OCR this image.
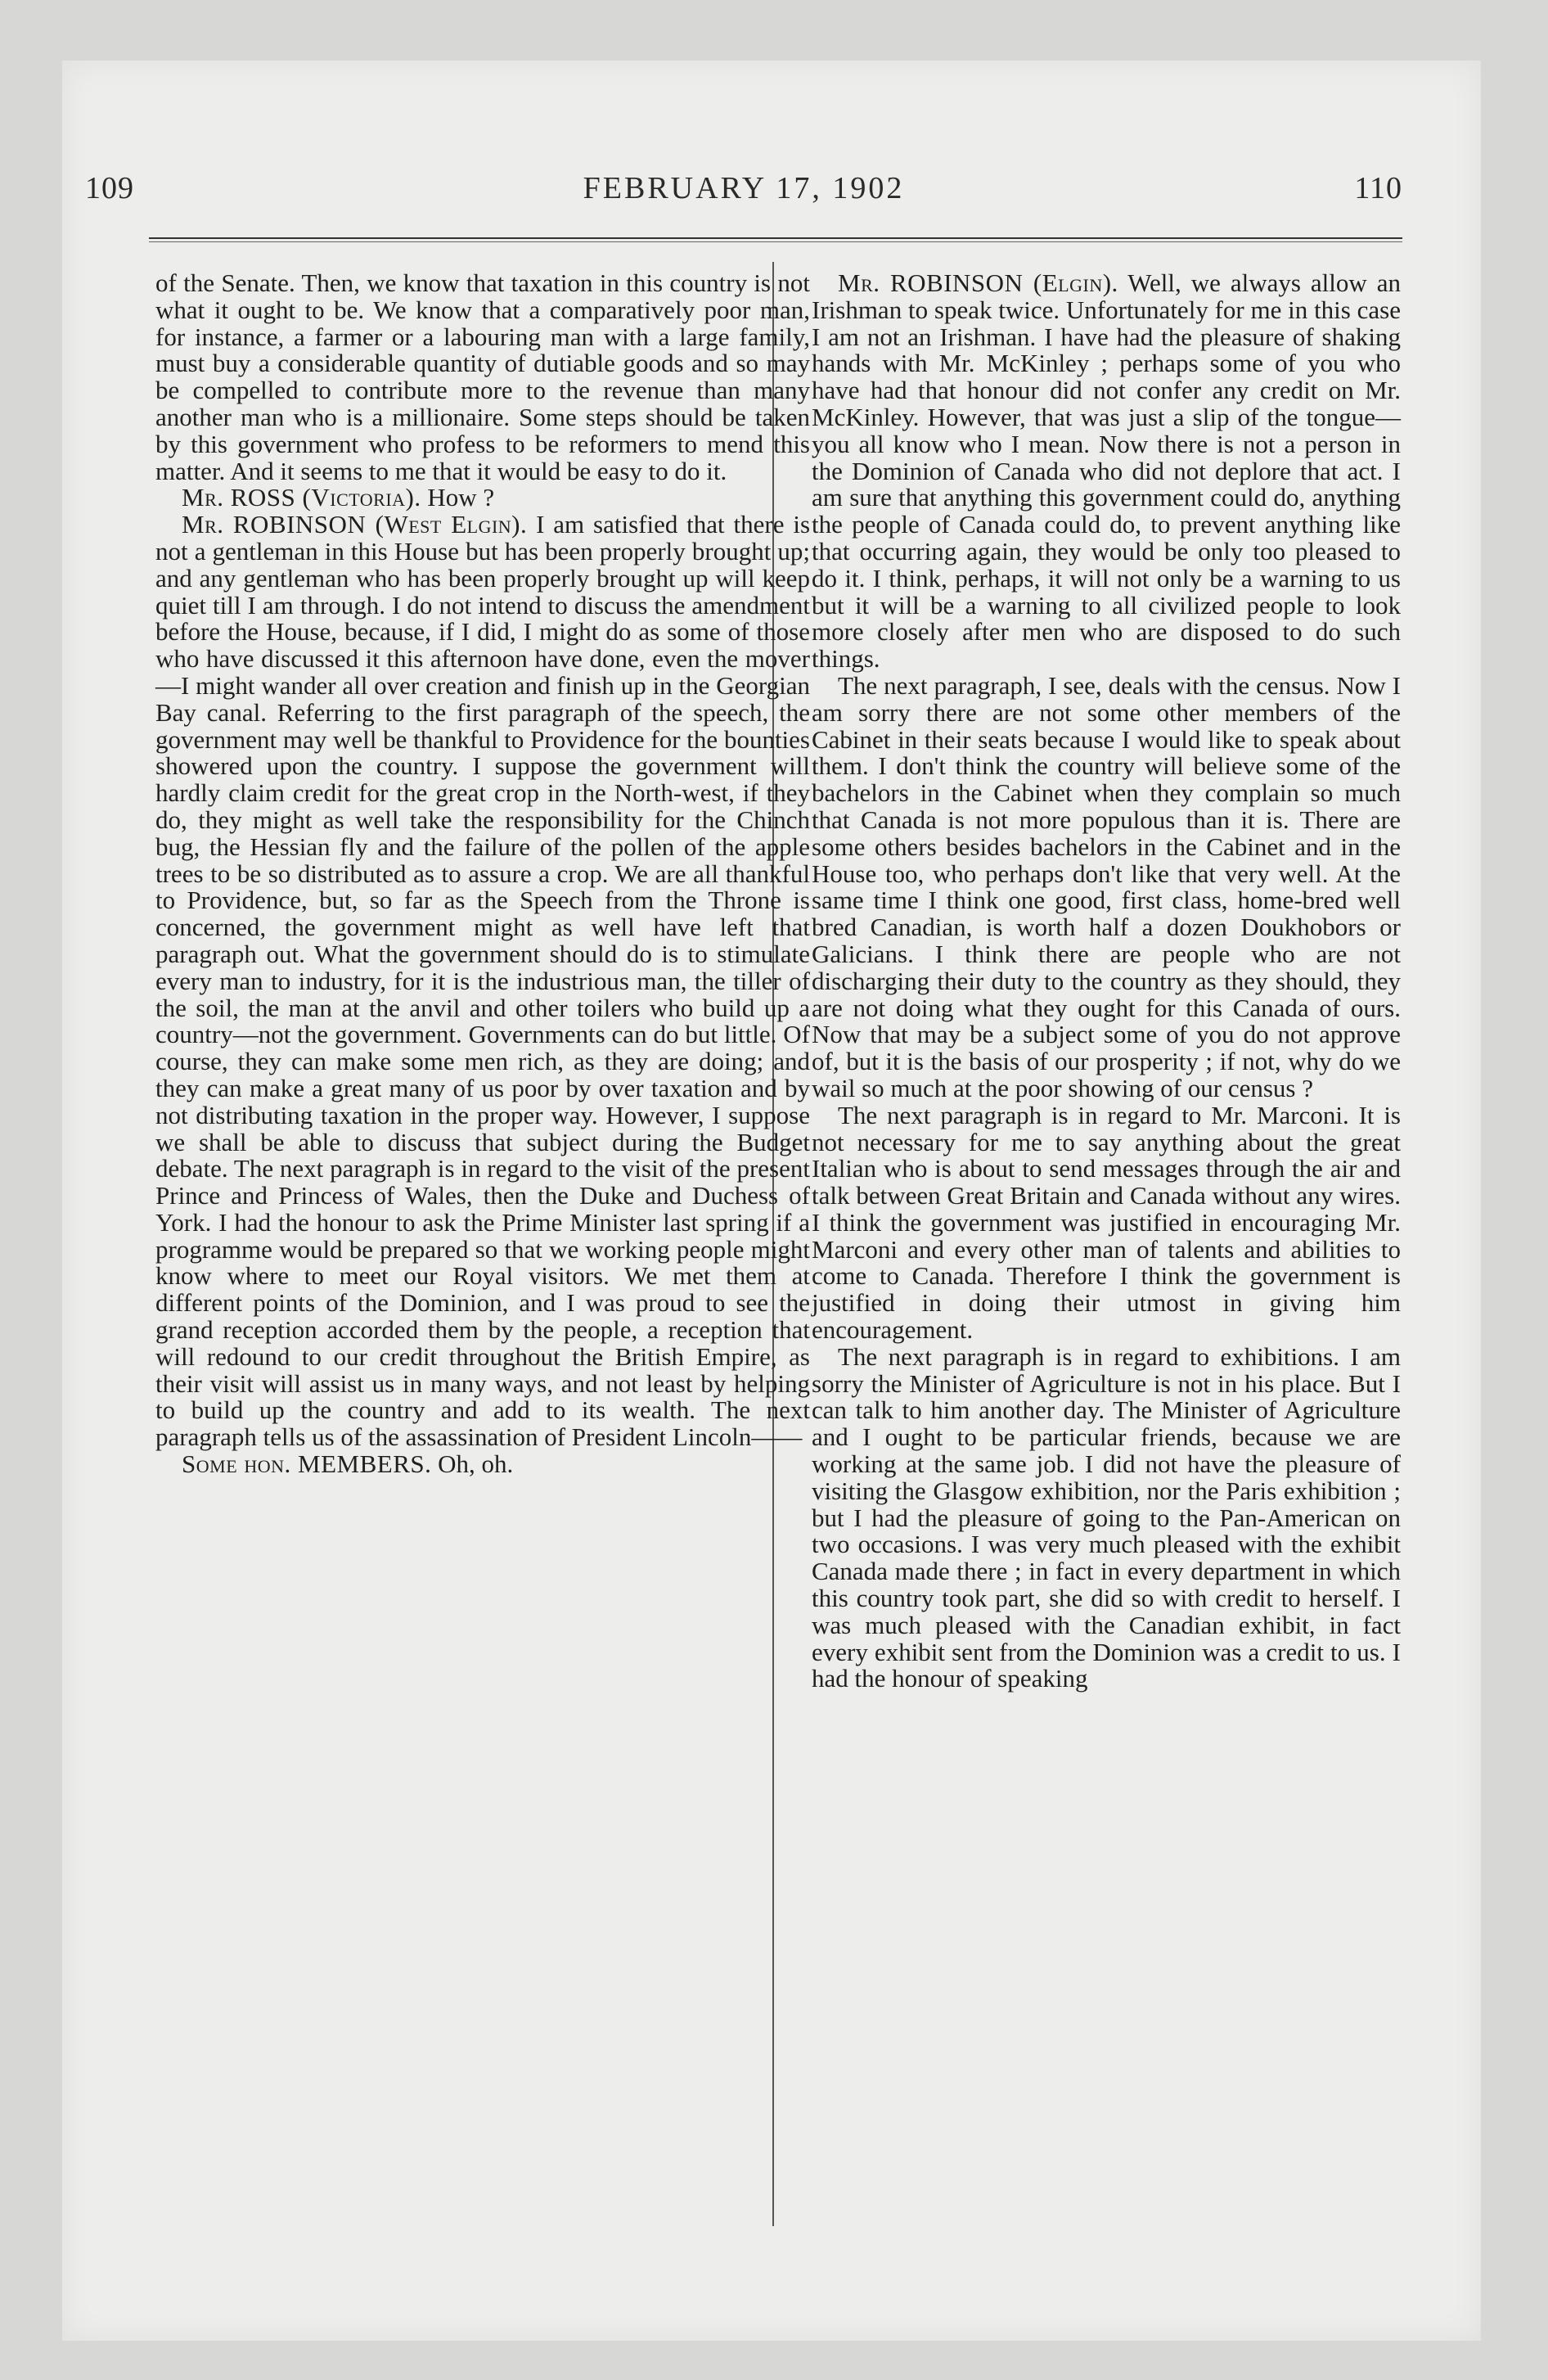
109	FEBRUARY 17, 1902	110

of the Senate. Then, we know that taxation in this country is not what it ought to be. We know that a comparatively poor man, for instance, a farmer or a labouring man with a large family, must buy a considerable quantity of dutiable goods and so may be compelled to contribute more to the revenue than many another man who is a millionaire. Some steps should be taken by this government who profess to be reformers to mend this matter. And it seems to me that it would be easy to do it.

Mr. ROSS (Victoria). How ?

Mr. ROBINSON (West Elgin). I am satisfied that there is not a gentleman in this House but has been properly brought up; and any gentleman who has been properly brought up will keep quiet till I am through. I do not intend to discuss the amendment before the House, because, if I did, I might do as some of those who have discussed it this afternoon have done, even the mover—I might wander all over creation and finish up in the Georgian Bay canal. Referring to the first paragraph of the speech, the government may well be thankful to Providence for the bounties showered upon the country. I suppose the government will hardly claim credit for the great crop in the North-west, if they do, they might as well take the responsibility for the Chinch bug, the Hessian fly and the failure of the pollen of the apple trees to be so distributed as to assure a crop. We are all thankful to Providence, but, so far as the Speech from the Throne is concerned, the government might as well have left that paragraph out. What the government should do is to stimulate every man to industry, for it is the industrious man, the tiller of the soil, the man at the anvil and other toilers who build up a country—not the government. Governments can do but little. Of course, they can make some men rich, as they are doing; and they can make a great many of us poor by over taxation and by not distributing taxation in the proper way. However, I suppose we shall be able to discuss that subject during the Budget debate. The next paragraph is in regard to the visit of the present Prince and Princess of Wales, then the Duke and Duchess of York. I had the honour to ask the Prime Minister last spring if a programme would be prepared so that we working people might know where to meet our Royal visitors. We met them at different points of the Dominion, and I was proud to see the grand reception accorded them by the people, a reception that will redound to our credit throughout the British Empire, as their visit will assist us in many ways, and not least by helping to build up the country and add to its wealth. The next paragraph tells us of the assassination of President Lincoln——

Some hon. MEMBERS. Oh, oh.

Mr. ROBINSON (Elgin). Well, we always allow an Irishman to speak twice. Unfortunately for me in this case I am not an Irishman. I have had the pleasure of shaking hands with Mr. McKinley ; perhaps some of you who have had that honour did not confer any credit on Mr. McKinley. However, that was just a slip of the tongue—you all know who I mean. Now there is not a person in the Dominion of Canada who did not deplore that act. I am sure that anything this government could do, anything the people of Canada could do, to prevent anything like that occurring again, they would be only too pleased to do it. I think, perhaps, it will not only be a warning to us but it will be a warning to all civilized people to look more closely after men who are disposed to do such things.

The next paragraph, I see, deals with the census. Now I am sorry there are not some other members of the Cabinet in their seats because I would like to speak about them. I don't think the country will believe some of the bachelors in the Cabinet when they complain so much that Canada is not more populous than it is. There are some others besides bachelors in the Cabinet and in the House too, who perhaps don't like that very well. At the same time I think one good, first class, home-bred well bred Canadian, is worth half a dozen Doukhobors or Galicians. I think there are people who are not discharging their duty to the country as they should, they are not doing what they ought for this Canada of ours. Now that may be a subject some of you do not approve of, but it is the basis of our prosperity ; if not, why do we wail so much at the poor showing of our census ?

The next paragraph is in regard to Mr. Marconi. It is not necessary for me to say anything about the great Italian who is about to send messages through the air and talk between Great Britain and Canada without any wires. I think the government was justified in encouraging Mr. Marconi and every other man of talents and abilities to come to Canada. Therefore I think the government is justified in doing their utmost in giving him encouragement.

The next paragraph is in regard to exhibitions. I am sorry the Minister of Agriculture is not in his place. But I can talk to him another day. The Minister of Agriculture and I ought to be particular friends, because we are working at the same job. I did not have the pleasure of visiting the Glasgow exhibition, nor the Paris exhibition ; but I had the pleasure of going to the Pan-American on two occasions. I was very much pleased with the exhibit Canada made there ; in fact in every department in which this country took part, she did so with credit to herself. I was much pleased with the Canadian exhibit, in fact every exhibit sent from the Dominion was a credit to us. I had the honour of speaking
